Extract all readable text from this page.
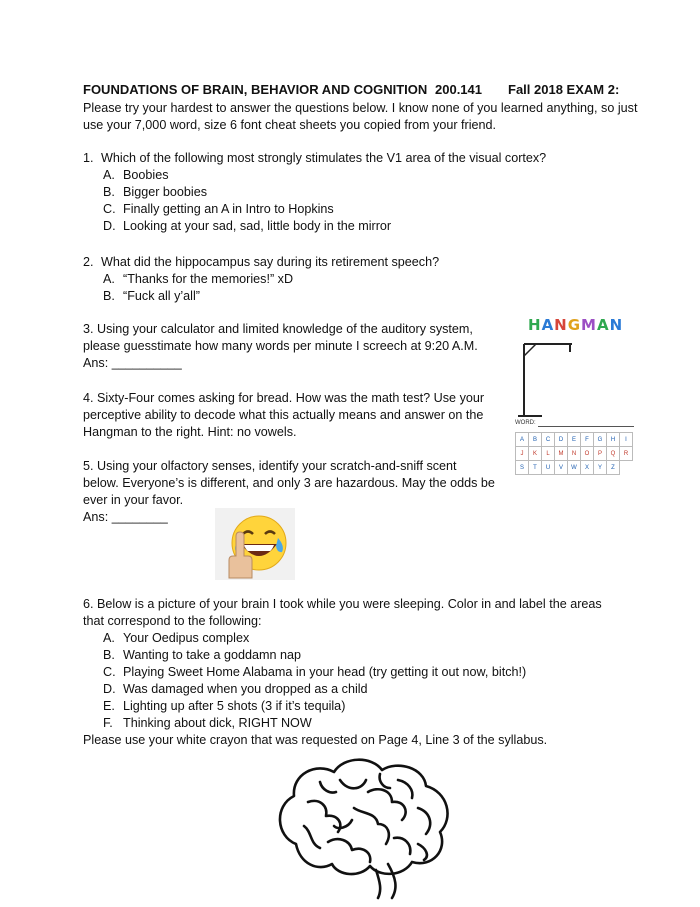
FOUNDATIONS OF BRAIN, BEHAVIOR AND COGNITION 200.141 Fall 2018 EXAM 2:
Please try your hardest to answer the questions below. I know none of you learned anything, so just use your 7,000 word, size 6 font cheat sheets you copied from your friend.
1. Which of the following most strongly stimulates the V1 area of the visual cortex?
A. Boobies
B. Bigger boobies
C. Finally getting an A in Intro to Hopkins
D. Looking at your sad, sad, little body in the mirror
2. What did the hippocampus say during its retirement speech?
A. “Thanks for the memories!” xD
B. “Fuck all y’all”
3. Using your calculator and limited knowledge of the auditory system,
please guesstimate how many words per minute I screech at 9:20 A.M.
Ans: __________
4. Sixty-Four comes asking for bread. How was the math test? Use your
perceptive ability to decode what this actually means and answer on the
Hangman to the right. Hint: no vowels.
5. Using your olfactory senses, identify your scratch-and-sniff scent
below. Everyone’s is different, and only 3 are hazardous. May the odds be
ever in your favor.
Ans: ________
HANGMAN
WORD:
A	B	C	D	E	F	G	H	I
J	K	L	M	N	O	P	Q	R
S	T	U	V	W	X	Y	Z	
6. Below is a picture of your brain I took while you were sleeping. Color in and label the areas
that correspond to the following:
A. Your Oedipus complex
B. Wanting to take a goddamn nap
C. Playing Sweet Home Alabama in your head (try getting it out now, bitch!)
D. Was damaged when you dropped as a child
E. Lighting up after 5 shots (3 if it’s tequila)
F. Thinking about dick, RIGHT NOW
Please use your white crayon that was requested on Page 4, Line 3 of the syllabus.
